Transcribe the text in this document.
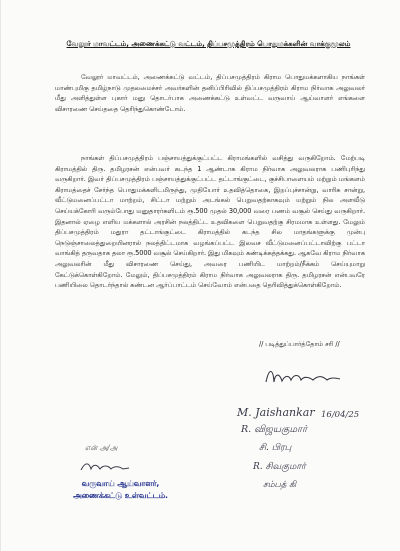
வேலூர் மாவட்டம், அணைக்கட்டு வட்டம், திப்பசமுத்திரம் பொதுமக்களின் வாக்குமூலம்

வேலூர் மாவட்டம், அணைக்கட்டு வட்டம், திப்பசமுத்திரம் கிராம பொதுமக்களாகிய நாங்கள் மாண்புமிகு தமிழ்நாடு முதலமைச்சர் அவர்களின் தனிப்பிரிவில் திப்பசமுத்திரம் கிராம நிர்வாக அலுவலர் மீது அளித்துள்ள புகார் மனு தொடர்பாக அணைக்கட்டு உள்வட்ட வருவாய் ஆய்வாளர் எங்களை விசாரணை செய்ததை தெரிந்துகொண்டோம்.

நாங்கள் திப்பசமுத்திரம் பஞ்சாயத்துக்குட்பட்ட கிராமங்களில் வசித்து வருகிறோம். மேற்படி கிராமத்தில் திரு. தமிழரசன் என்பவர் கடந்த 1 ஆண்டாக கிராம நிர்வாக அலுவலராக பணிபுரிந்து வருகிறார். இவர் திப்பசமுத்திரம் பஞ்சாயத்துக்குட்பட்ட தட்டாங்குட்டை, குச்சிபாளையம் மற்றும் மங்களம் கிராமத்தைச் சேர்ந்த பொதுமக்களிடமிருந்து, முதியோர் உதவித்தொகை, இறப்புச்சான்று, வாரிசு சான்று, வீட்டுமனைப்பட்டா மாற்றம், சிட்டா மற்றும் அடங்கல் பெறுவதற்காகவும் மற்றும் நில அளவீடு செய்யக்கோரி வரும்போது மனுதாரர்களிடம் ரூ.500 முதல் 30,000 வரை பணம் வசூல் செய்து வருகிறார். இதனால் ஏழை எளிய மக்களால் அரசின் நலத்திட்ட உதவிகளை பெறுவதற்கு சிரமமாக உள்ளது. மேலும் திப்பசமுத்திரம் மதுரா தட்டாங்குட்டை கிராமத்தில் கடந்த சில மாதங்களுக்கு முன்பு நெடுஞ்சாலைத்துறையினரால் நலத்திட்டமாக வழங்கப்பட்ட இலவச வீட்டுமனைப்பட்டாவிற்கு பட்டா வாங்கித் தருவதாக தலா ரூ.5000 வசூல் செய்கிறார். இது மிகவும் கண்டிக்கத்தக்கது. ஆகவே கிராம நிர்வாக அலுவலரின் மீது விசாரணை செய்து, அவரை பணியிட மாற்றம்/நீக்கம் செய்யுமாறு கேட்டுக்கொள்கிறோம். மேலும், திப்பசமுத்திரம் கிராம நிர்வாக அலுவலராக திரு. தமிழரசன் என்பவரே பணியிலை தொடர்ந்தால் கண்டன ஆர்ப்பாட்டம் செய்வோம் என்பதை தெரிவித்துக்கொள்கிறோம்.

// படித்துப்பார்த்தோம் சரி //
M. Jaishankar 16/04/25
R. விஜயகுமார்
சி. பிரபு
R. சிவகுமார்
சம்பத் கி
என் அ/அ
வருவாய் ஆய்வாளர்,
அணைக்கட்டு உள்வட்டம்.
